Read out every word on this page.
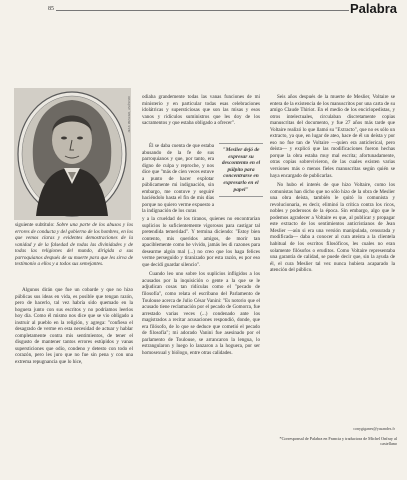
85	Palabra
JEAN MESLIER, ANÓNIMO

siguiente subtítulo: Sobre una parte de los abusos y los errores de conducta y del gobierno de los hombres, en los que vemos claras y evidentes demostraciones de la vanidad y de la falsedad de todas las divinidades y de todas las religiones del mundo, dirigida a sus parroquianos después de su muerte para que les sirva de testimonio a ellos y a todos sus semejantes.

Algunos dirán que fue un cobarde y que no hizo públicas sus ideas en vida, es posible que tengan razón, pero de hacerlo, tal vez habría sido quemado en la hoguera junto con sus escritos y no podríamos leerlos hoy día. Como él mismo nos dice que se vio obligado a instruir al pueblo en la religión, y agrega: "confieso el desagrado de verme en esta necesidad de actuar y hablar completamente contra mis sentimientos, de tener el disgusto de mantener tantos errores estúpidos y vanas supersticiones que odio, condeno y detesto con todo el corazón, pero les juro que no fue sin pena y con una extrema repugnancia que lo hice,

odiaba grandemente todas las vanas funciones de mi ministerio y en particular todas esas celebraciones idolátricas y supersticiosas que son las misas y esos vanos y ridículos suministros que les doy de los sacramentos y que estaba obligado a ofrecer".

Él se daba cuenta de que estaba abusando de la fe de sus parroquianos y que, por tanto, era digno de culpa y reproche, y nos dice que "más de cien veces estuve a punto de hacer explotar públicamente mi indignación, sin embargo, me contuve y seguiré haciéndolo hasta el fin de mis días porque no quiero verme expuesto a la indignación de los curas

"Meslier dejó de expresar su descontento en el púlpito para concentrarse en expresarlo en el papel"

y a la crueldad de los tiranos, quienes no encontrarían suplicios lo suficientemente vigorosos para castigar tal pretendida temeridad". Y termina diciendo: "Estoy bien contento, mis queridos amigos, de morir tan apaciblemente como he vivido, jamás les di razones para desearme algún mal (...) no creo que los haga felices verme perseguido y tiranizado por esta razón, es por eso que decidí guardar silencio".

Cuando leo uno sobre los suplicios infligidos a los acusados por la inquisición o gente a la que se le adjudican cosas tan ridículas como el "pecado de filosofía", como relata el escribano del Parlamento de Toulouse acerca de Julio César Vanini: "Es notorio que el acusado tiene reclamación por el pecado de Gomorra, fue arrestado varias veces (...) condenado ante los magistrados a recitar acusaciones respondió, donde, que era filósofo, de lo que se deduce que cometió el pecado de filosofía"; mi adorado Vanini fue asesinado por el parlamento de Toulouse, se arrancaron la lengua, lo estrangularon y luego lo lanzaron a la hoguera, por ser homosexual y biólogo, entre otras calidades.

Seis años después de la muerte de Meslier, Voltaire se entera de la existencia de los manuscritos por una carta de su amigo Claude Thiriot. En el medio de los enciclopedistas, y otros intelectuales, circulaban discretamente copias manuscritas del documento, y fue 27 años más tarde que Voltaire realizó lo que llamó su "Extracto", que no es sólo un extracto, ya que, en lugar de ateo, hace de él un deísta y por eso no fue tan de Voltaire —quien era anticlerical, pero deísta— y explicó que las modificaciones fueron hechas porque la obra estaba muy mal escrita; afortunadamente, otras copias sobrevivieron, de las cuales existen varias versiones más o menos fieles manuscritas según quién se haya encargado de publicarlas.

No hubo el interés de que hizo Voltaire, como los comunistas han dicho que no sólo hizo de la obra de Meslier una obra deísta, también le quitó lo comunista y revolucionaria, es decir, eliminó la crítica contra los ricos, nobles y poderosos de la época. Sin embargo, algo que le podemos agradecer a Voltaire es que, al publicar y propagar este extracto de los sentimientos anticristianos de Jean Meslier —aún si era una versión manipulada, censurada y modificada— daba a conocer al cura ateísta a la clientela habitual de los escritos filosóficos, les cuales no eran solamente filósofos o eruditos. Como Voltaire representaba una garantía de calidad, se puede decir que, sin la ayuda de él, el cura Meslier tal vez nunca hubiera acaparado la atención del público.

conygiganes@yasandes.fr
*Corresponsal de Palabra en Francia y traductora de Michel Onfray al castellano
